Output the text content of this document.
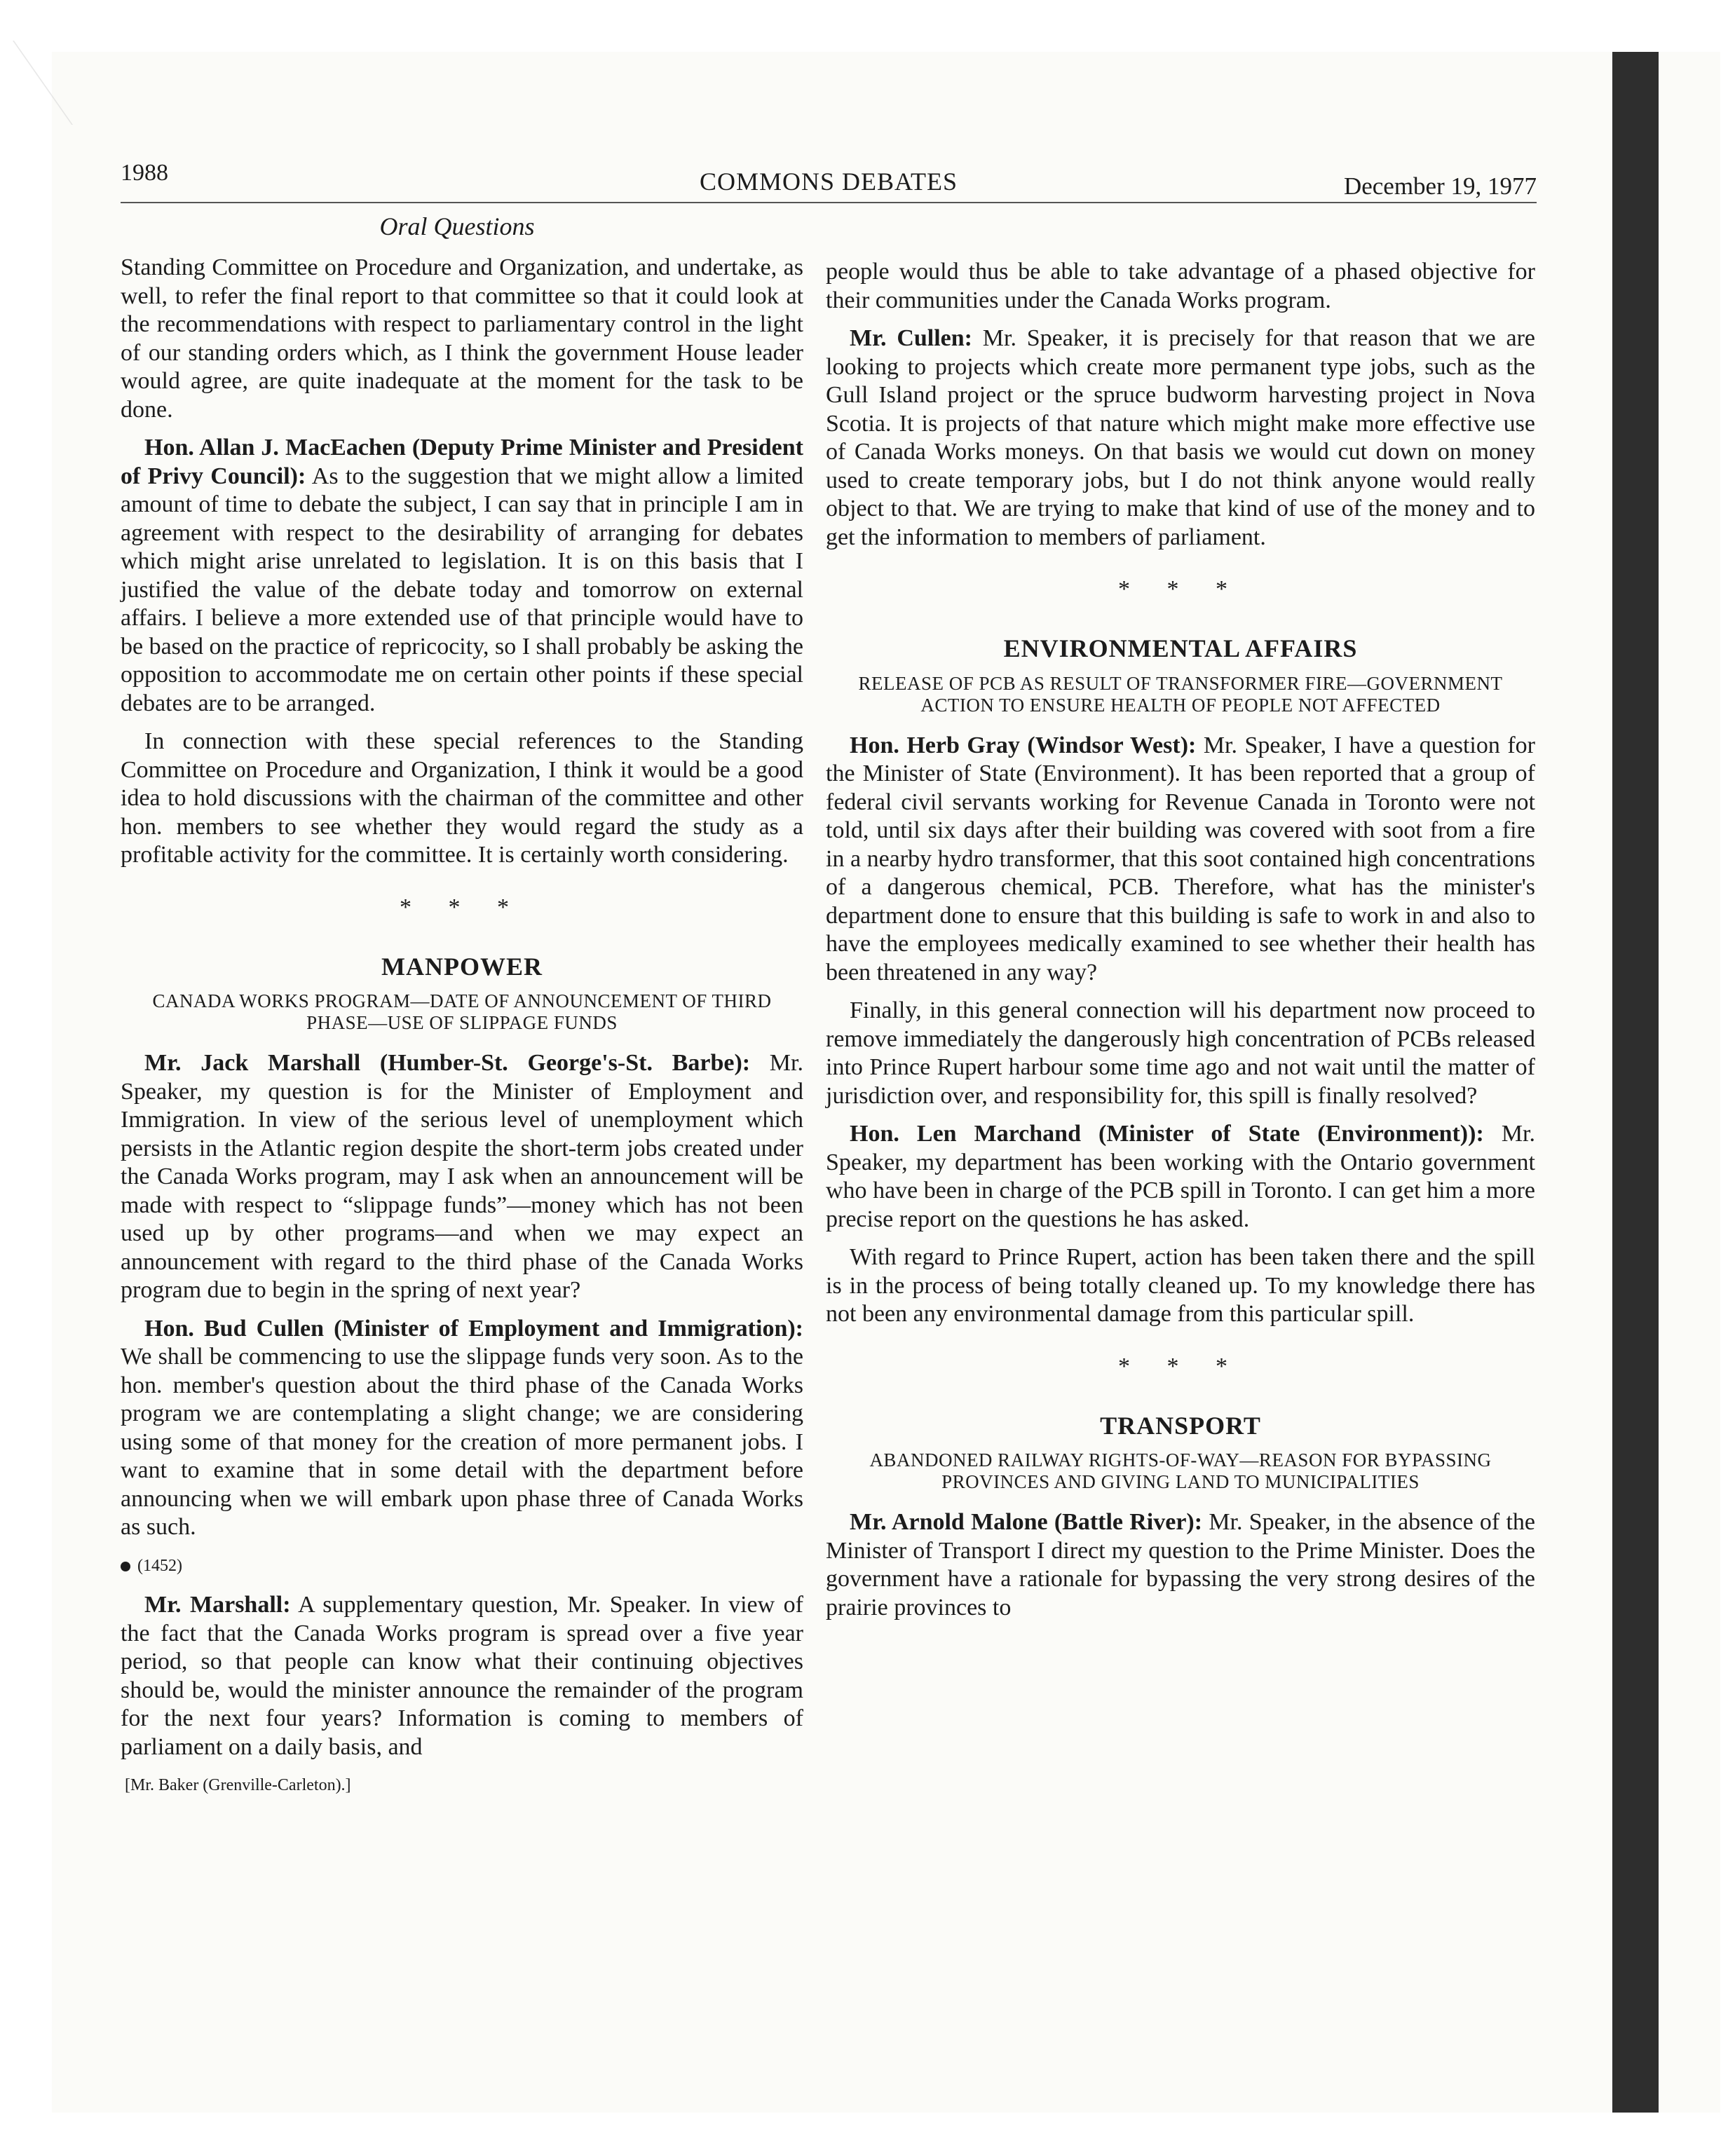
1988	COMMONS DEBATES	December 19, 1977
Oral Questions

Standing Committee on Procedure and Organization, and undertake, as well, to refer the final report to that committee so that it could look at the recommendations with respect to parliamentary control in the light of our standing orders which, as I think the government House leader would agree, are quite inadequate at the moment for the task to be done.

Hon. Allan J. MacEachen (Deputy Prime Minister and President of Privy Council): As to the suggestion that we might allow a limited amount of time to debate the subject, I can say that in principle I am in agreement with respect to the desirability of arranging for debates which might arise unrelated to legislation. It is on this basis that I justified the value of the debate today and tomorrow on external affairs. I believe a more extended use of that principle would have to be based on the practice of repricocity, so I shall probably be asking the opposition to accommodate me on certain other points if these special debates are to be arranged.

In connection with these special references to the Standing Committee on Procedure and Organization, I think it would be a good idea to hold discussions with the chairman of the committee and other hon. members to see whether they would regard the study as a profitable activity for the committee. It is certainly worth considering.

* * *
MANPOWER
CANADA WORKS PROGRAM—DATE OF ANNOUNCEMENT OF THIRD PHASE—USE OF SLIPPAGE FUNDS

Mr. Jack Marshall (Humber-St. George's-St. Barbe): Mr. Speaker, my question is for the Minister of Employment and Immigration. In view of the serious level of unemployment which persists in the Atlantic region despite the short-term jobs created under the Canada Works program, may I ask when an announcement will be made with respect to “slippage funds”—money which has not been used up by other programs—and when we may expect an announcement with regard to the third phase of the Canada Works program due to begin in the spring of next year?

Hon. Bud Cullen (Minister of Employment and Immigration): We shall be commencing to use the slippage funds very soon. As to the hon. member's question about the third phase of the Canada Works program we are contemplating a slight change; we are considering using some of that money for the creation of more permanent jobs. I want to examine that in some detail with the department before announcing when we will embark upon phase three of Canada Works as such.

(1452)

Mr. Marshall: A supplementary question, Mr. Speaker. In view of the fact that the Canada Works program is spread over a five year period, so that people can know what their continuing objectives should be, would the minister announce the remainder of the program for the next four years? Information is coming to members of parliament on a daily basis, and

[Mr. Baker (Grenville-Carleton).]

people would thus be able to take advantage of a phased objective for their communities under the Canada Works program.

Mr. Cullen: Mr. Speaker, it is precisely for that reason that we are looking to projects which create more permanent type jobs, such as the Gull Island project or the spruce budworm harvesting project in Nova Scotia. It is projects of that nature which might make more effective use of Canada Works moneys. On that basis we would cut down on money used to create temporary jobs, but I do not think anyone would really object to that. We are trying to make that kind of use of the money and to get the information to members of parliament.

* * *
ENVIRONMENTAL AFFAIRS
RELEASE OF PCB AS RESULT OF TRANSFORMER FIRE—GOVERNMENT ACTION TO ENSURE HEALTH OF PEOPLE NOT AFFECTED

Hon. Herb Gray (Windsor West): Mr. Speaker, I have a question for the Minister of State (Environment). It has been reported that a group of federal civil servants working for Revenue Canada in Toronto were not told, until six days after their building was covered with soot from a fire in a nearby hydro transformer, that this soot contained high concentrations of a dangerous chemical, PCB. Therefore, what has the minister's department done to ensure that this building is safe to work in and also to have the employees medically examined to see whether their health has been threatened in any way?

Finally, in this general connection will his department now proceed to remove immediately the dangerously high concentration of PCBs released into Prince Rupert harbour some time ago and not wait until the matter of jurisdiction over, and responsibility for, this spill is finally resolved?

Hon. Len Marchand (Minister of State (Environment)): Mr. Speaker, my department has been working with the Ontario government who have been in charge of the PCB spill in Toronto. I can get him a more precise report on the questions he has asked.

With regard to Prince Rupert, action has been taken there and the spill is in the process of being totally cleaned up. To my knowledge there has not been any environmental damage from this particular spill.

* * *
TRANSPORT
ABANDONED RAILWAY RIGHTS-OF-WAY—REASON FOR BYPASSING PROVINCES AND GIVING LAND TO MUNICIPALITIES

Mr. Arnold Malone (Battle River): Mr. Speaker, in the absence of the Minister of Transport I direct my question to the Prime Minister. Does the government have a rationale for bypassing the very strong desires of the prairie provinces to
